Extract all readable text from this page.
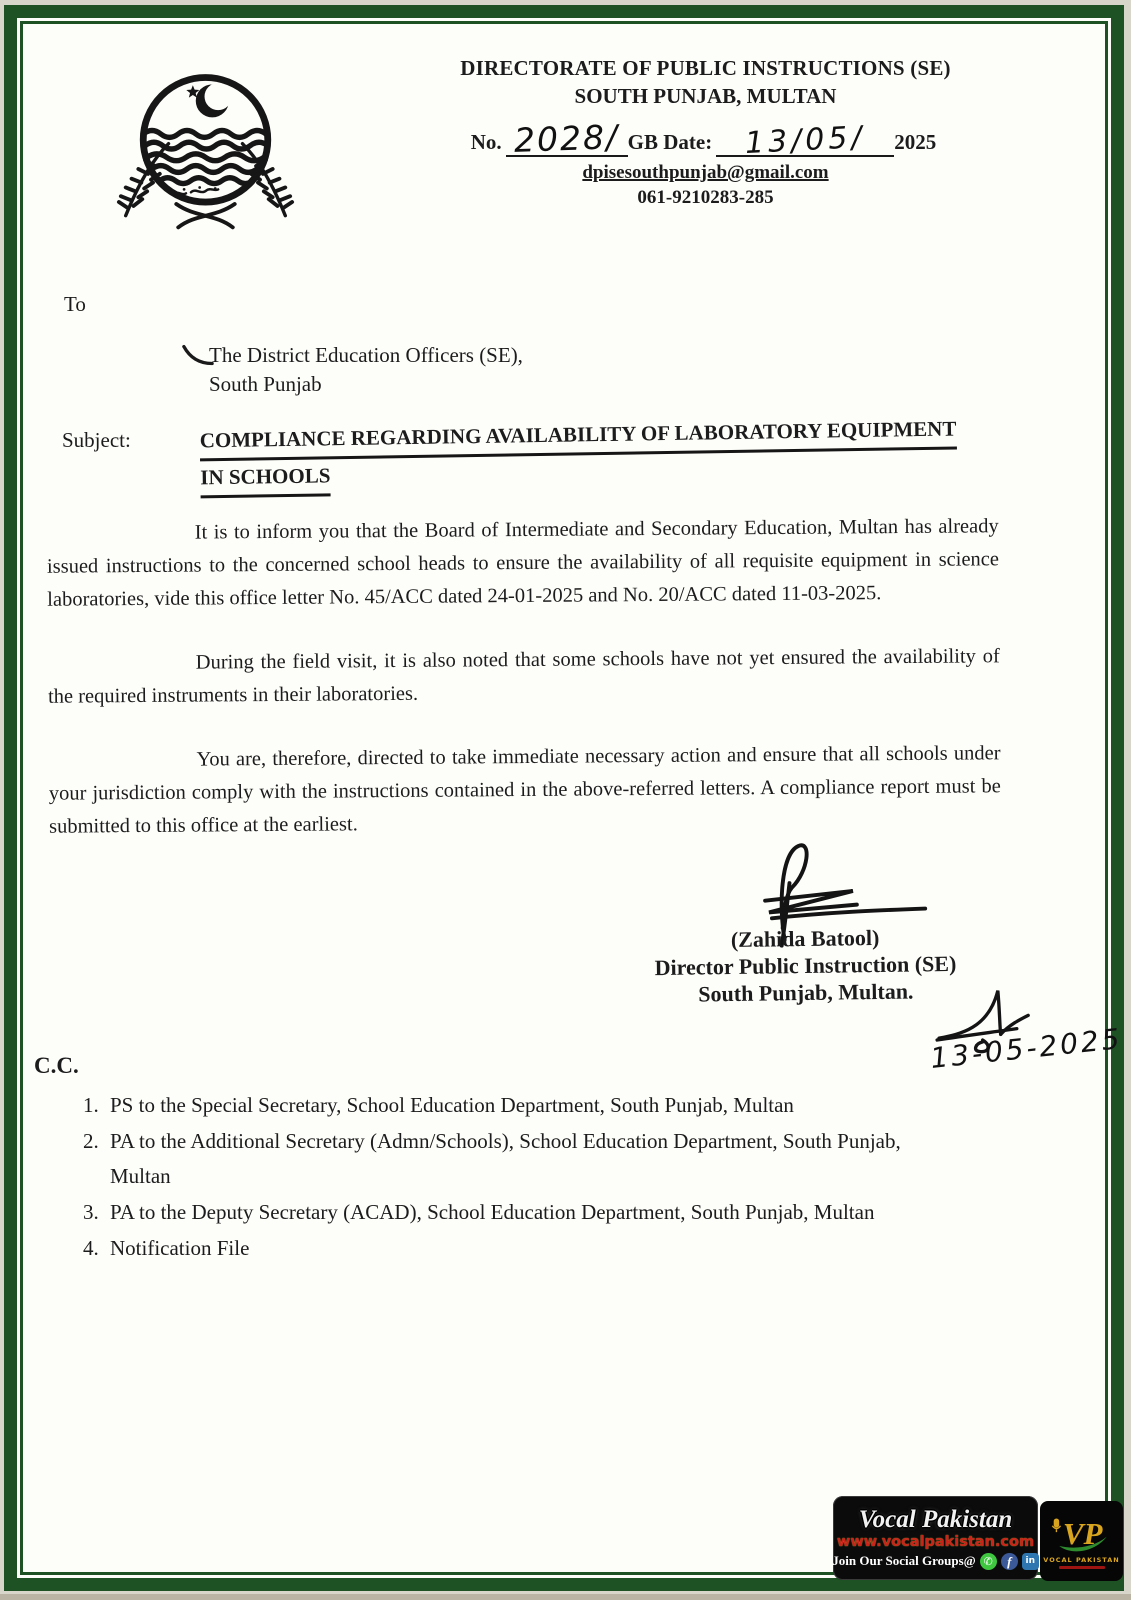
DIRECTORATE OF PUBLIC INSTRUCTIONS (SE)
SOUTH PUNJAB, MULTAN
No. 2028/ GB Date:	13/05/	2025
dpisesouthpunjab@gmail.com
061-9210283-285
To
The District Education Officers (SE),
South Punjab
Subject:	COMPLIANCE REGARDING AVAILABILITY OF LABORATORY EQUIPMENT
IN SCHOOLS

It is to inform you that the Board of Intermediate and Secondary Education, Multan has already issued instructions to the concerned school heads to ensure the availability of all requisite equipment in science laboratories, vide this office letter No. 45/ACC dated 24-01-2025 and No. 20/ACC dated 11-03-2025.

During the field visit, it is also noted that some schools have not yet ensured the availability of the required instruments in their laboratories.

You are, therefore, directed to take immediate necessary action and ensure that all schools under your jurisdiction comply with the instructions contained in the above-referred letters. A compliance report must be submitted to this office at the earliest.

(Zahida Batool)
Director Public Instruction (SE)
South Punjab, Multan.
13-05-2025
C.C.
1. PS to the Special Secretary, School Education Department, South Punjab, Multan
2. PA to the Additional Secretary (Admn/Schools), School Education Department, South Punjab, Multan
3. PA to the Deputy Secretary (ACAD), School Education Department, South Punjab, Multan
4. Notification File
Vocal Pakistan
www.vocalpakistan.com
Join Our Social Groups@ ✆	f	in
VP
VOCAL PAKISTAN
